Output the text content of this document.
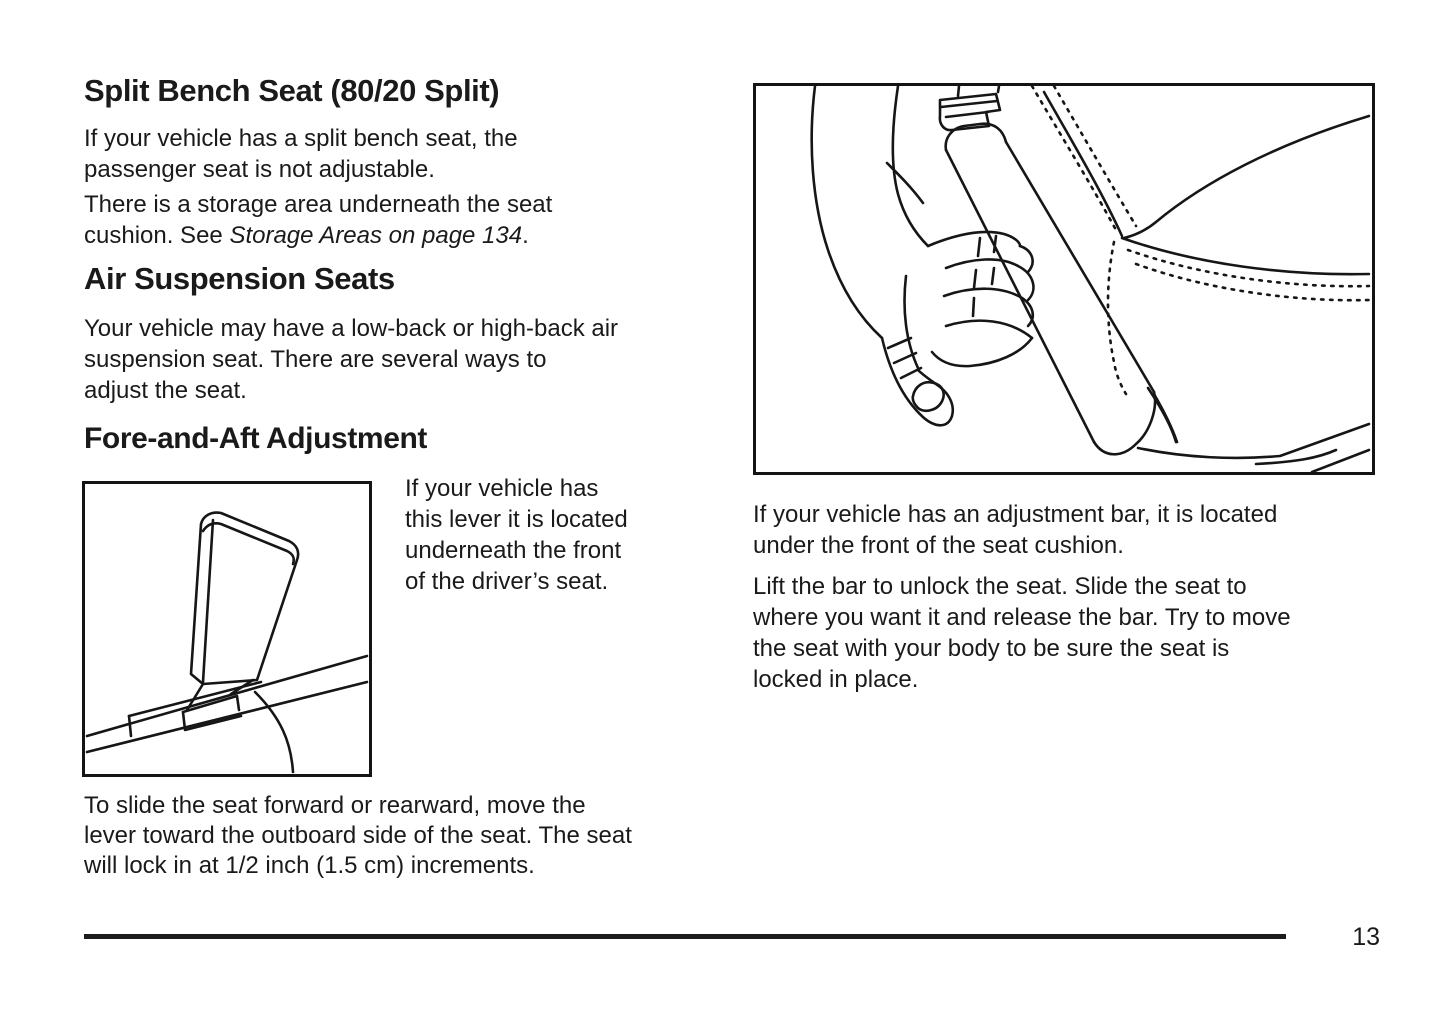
Split Bench Seat (80/20 Split)
If your vehicle has a split bench seat, the
passenger seat is not adjustable.
There is a storage area underneath the seat
cushion. See Storage Areas on page 134.
Air Suspension Seats
Your vehicle may have a low-back or high-back air
suspension seat. There are several ways to
adjust the seat.
Fore-and-Aft Adjustment
If your vehicle has
this lever it is located
underneath the front
of the driver’s seat.
To slide the seat forward or rearward, move the
lever toward the outboard side of the seat. The seat
will lock in at 1/2 inch (1.5 cm) increments.
If your vehicle has an adjustment bar, it is located
under the front of the seat cushion.
Lift the bar to unlock the seat. Slide the seat to
where you want it and release the bar. Try to move
the seat with your body to be sure the seat is
locked in place.
13
